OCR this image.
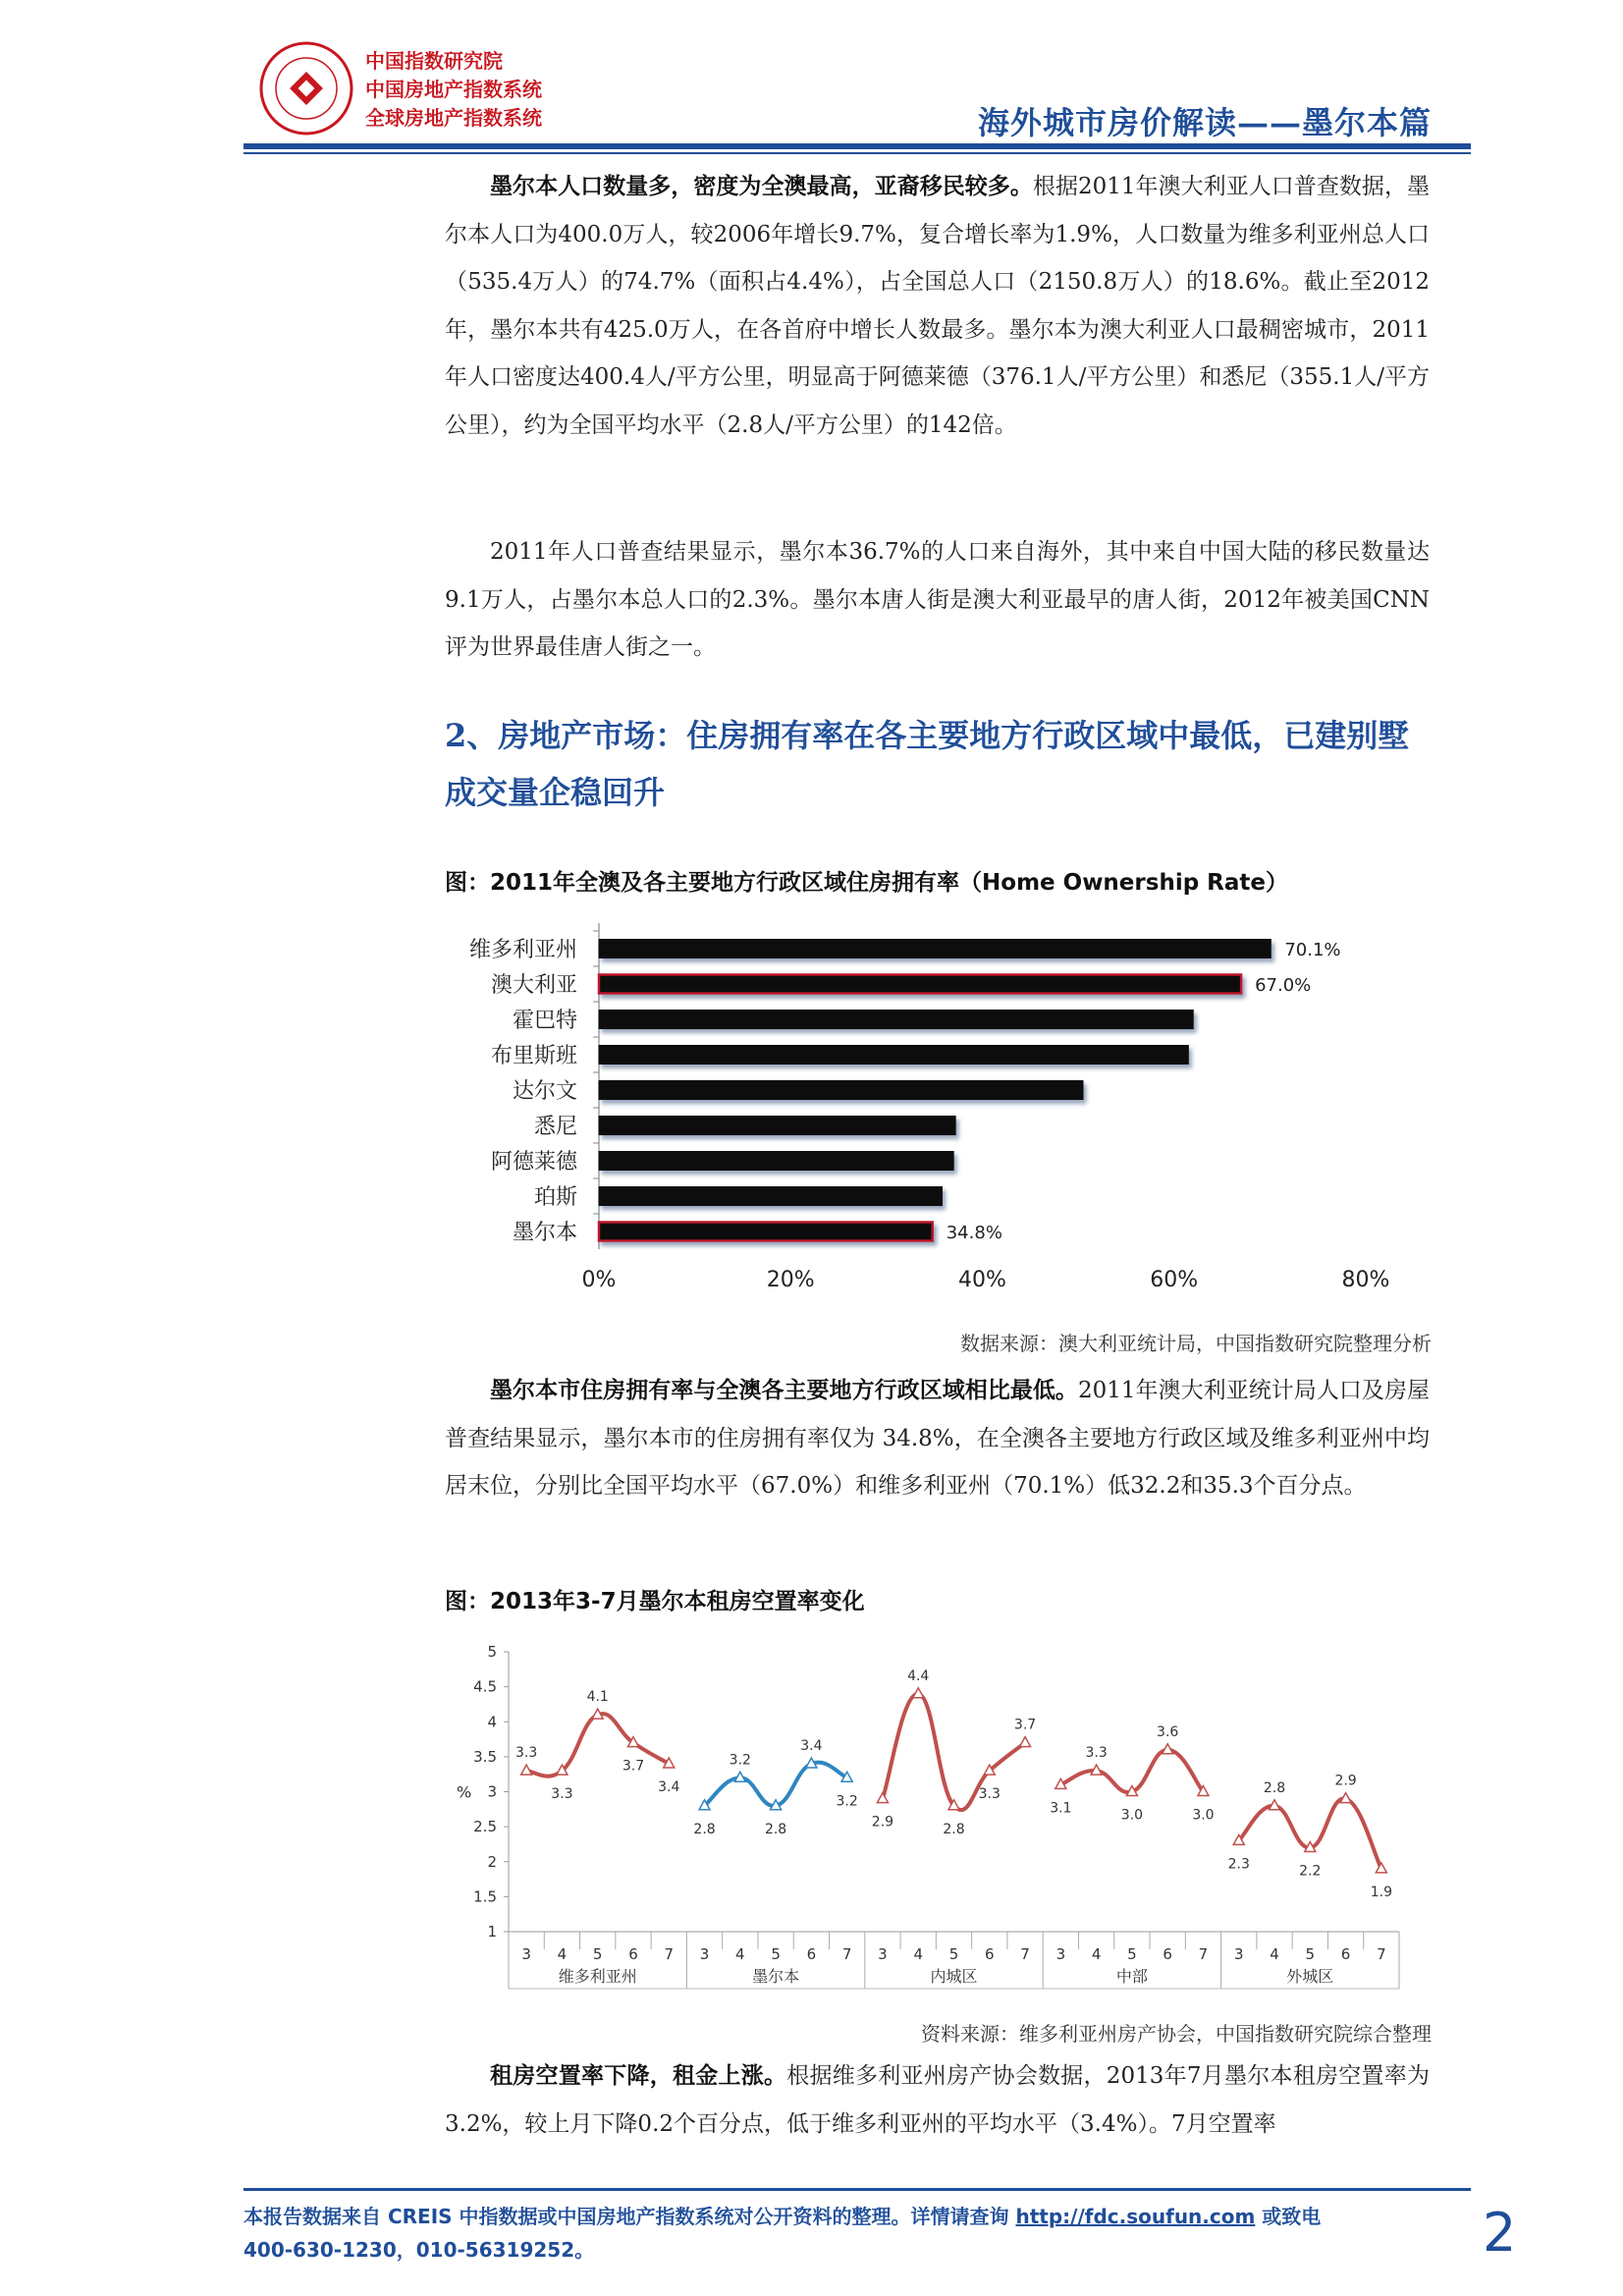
中国指数研究院
中国房地产指数系统
全球房地产指数系统	海外城市房价解读——墨尔本篇
墨尔本人口数量多，密度为全澳最高，亚裔移民较多。根据2011年澳大利亚人口普查数据，墨尔本人口为400.0万人，较2006年增长9.7%，复合增长率为1.9%，人口数量为维多利亚州总人口（535.4万人）的74.7%（面积占4.4%），占全国总人口（2150.8万人）的18.6%。截止至2012年，墨尔本共有425.0万人，在各首府中增长人数最多。墨尔本为澳大利亚人口最稠密城市，2011年人口密度达400.4人/平方公里，明显高于阿德莱德（376.1人/平方公里）和悉尼（355.1人/平方公里），约为全国平均水平（2.8人/平方公里）的142倍。
2011年人口普查结果显示，墨尔本36.7%的人口来自海外，其中来自中国大陆的移民数量达9.1万人，占墨尔本总人口的2.3%。墨尔本唐人街是澳大利亚最早的唐人街，2012年被美国CNN评为世界最佳唐人街之一。
2、房地产市场：住房拥有率在各主要地方行政区域中最低，已建别墅成交量企稳回升
图：2011年全澳及各主要地方行政区域住房拥有率（Home Ownership Rate）
维多利亚州	70.1%
澳大利亚	67.0%
霍巴特
布里斯班
达尔文
悉尼
阿德莱德
珀斯
墨尔本	34.8%
0%	20%	40%	60%	80%
数据来源：澳大利亚统计局，中国指数研究院整理分析
墨尔本市住房拥有率与全澳各主要地方行政区域相比最低。2011年澳大利亚统计局人口及房屋普查结果显示，墨尔本市的住房拥有率仅为 34.8%，在全澳各主要地方行政区域及维多利亚州中均居末位，分别比全国平均水平（67.0%）和维多利亚州（70.1%）低32.2和35.3个百分点。
图：2013年3-7月墨尔本租房空置率变化
1
1.5
2
2.5
3
3.5
4
4.5
5
%
3.3
3
3.3
4
4.1
5
3.7
6
3.4
7
维多利亚州
2.8
3
3.2
4
2.8
5
3.4
6
3.2
7
墨尔本
2.9
3
4.4
4
2.8
5
3.3
6
3.7
7
内城区
3.1
3
3.3
4
3.0
5
3.6
6
3.0
7
中部
2.3
3
2.8
4
2.2
5
2.9
6
1.9
7
外城区
资料来源：维多利亚州房产协会，中国指数研究院综合整理
租房空置率下降，租金上涨。根据维多利亚州房产协会数据，2013年7月墨尔本租房空置率为3.2%，较上月下降0.2个百分点，低于维多利亚州的平均水平（3.4%）。7月空置率
本报告数据来自 CREIS 中指数据或中国房地产指数系统对公开资料的整理。详情请查询 http://fdc.soufun.com 或致电
400-630-1230，010-56319252。	2
